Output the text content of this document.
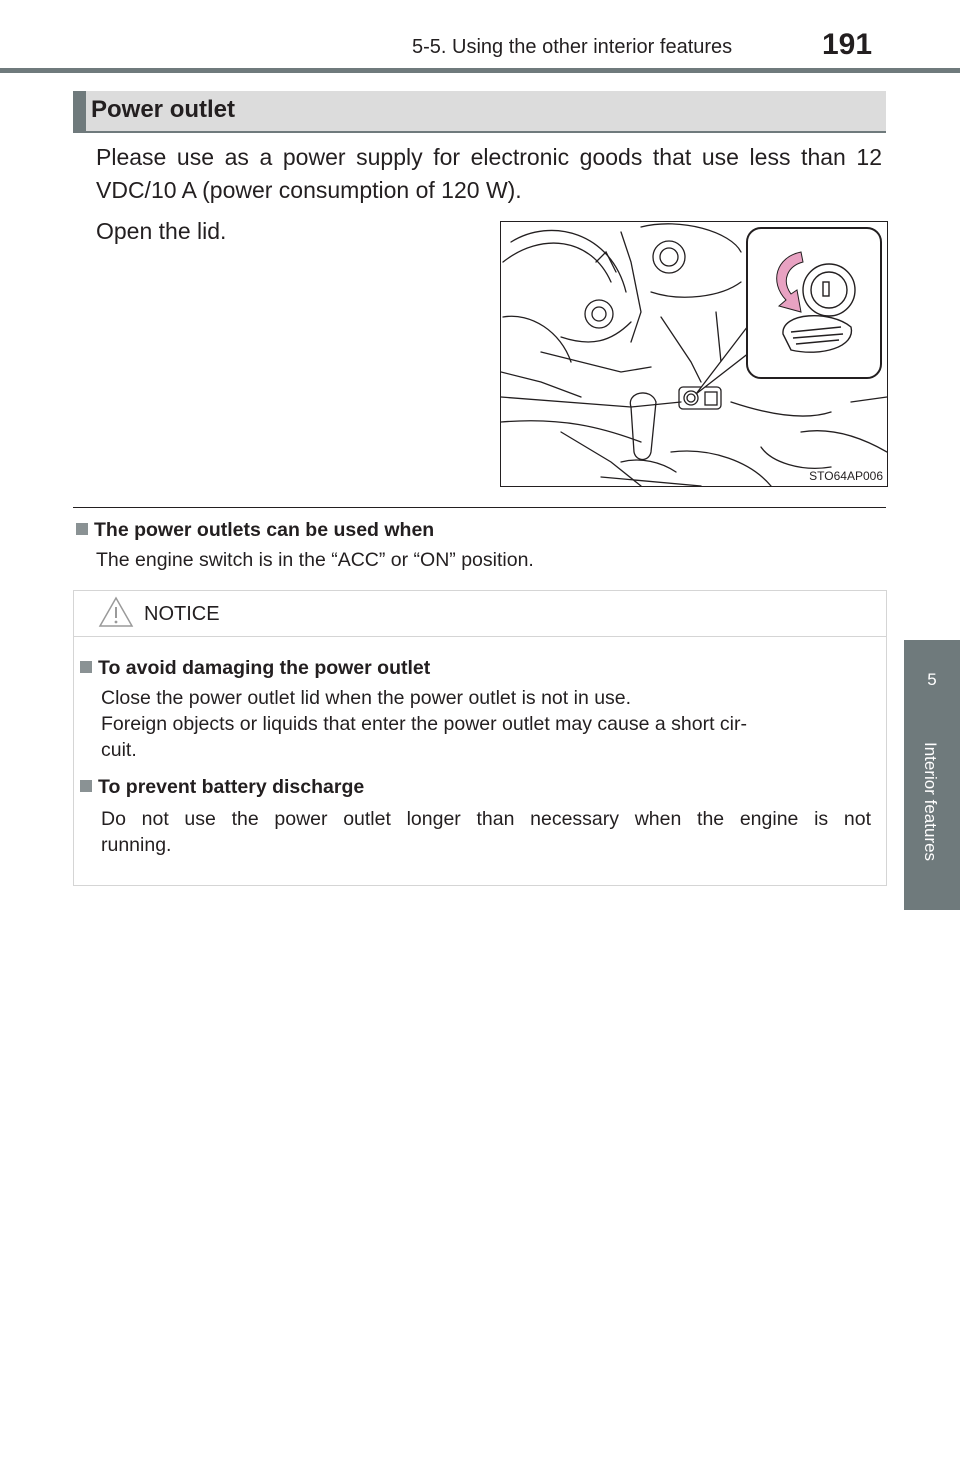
5-5. Using the other interior features	191
5
Interior features
Power outlet
Please use as a power supply for electronic goods that use less than 12 VDC/10 A (power consumption of 120 W).
Open the lid.
STO64AP006
The power outlets can be used when
The engine switch is in the “ACC” or “ON” position.
NOTICE
To avoid damaging the power outlet
Close the power outlet lid when the power outlet is not in use.
Foreign objects or liquids that enter the power outlet may cause a short cir-
cuit.
To prevent battery discharge
Do not use the power outlet longer than necessary when the engine is not
running.
